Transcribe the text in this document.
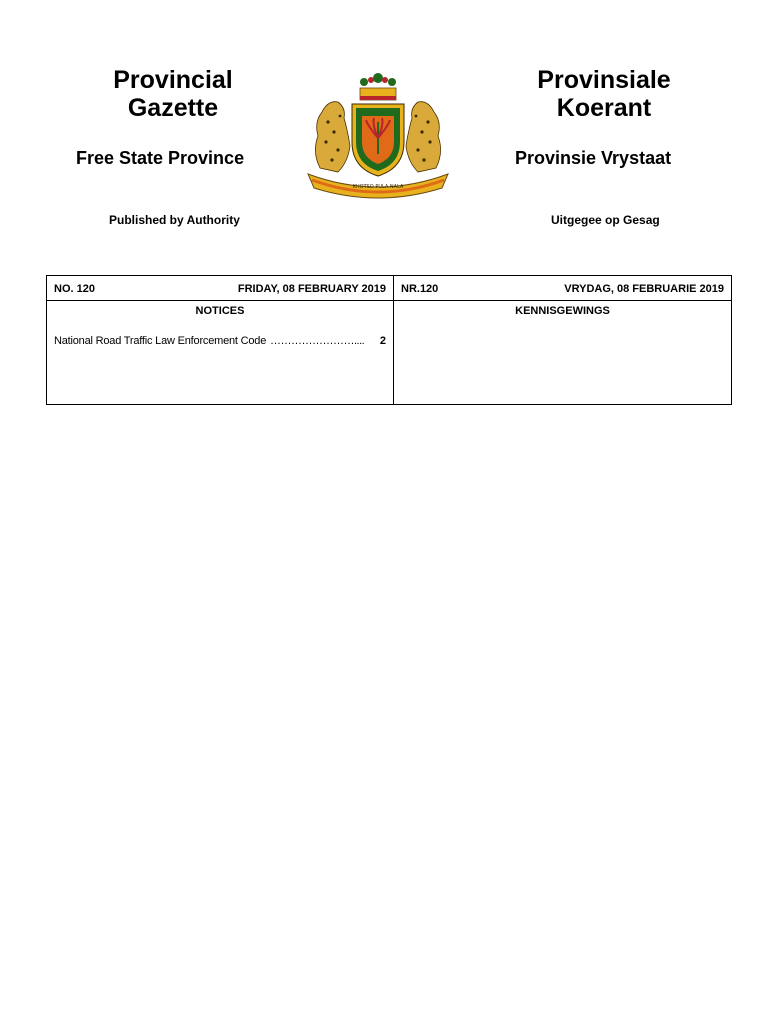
Provincial
Gazette
Provinsiale
Koerant
Free State Province	Provinsie Vrystaat
Published by Authority	Uitgegee op Gesag
KHOTSO PULA NALA
NO. 120	FRIDAY, 08 FEBRUARY 2019
NOTICES
National Road Traffic Law Enforcement Code …………………….... 2
NR.120	VRYDAG, 08 FEBRUARIE 2019
KENNISGEWINGS
